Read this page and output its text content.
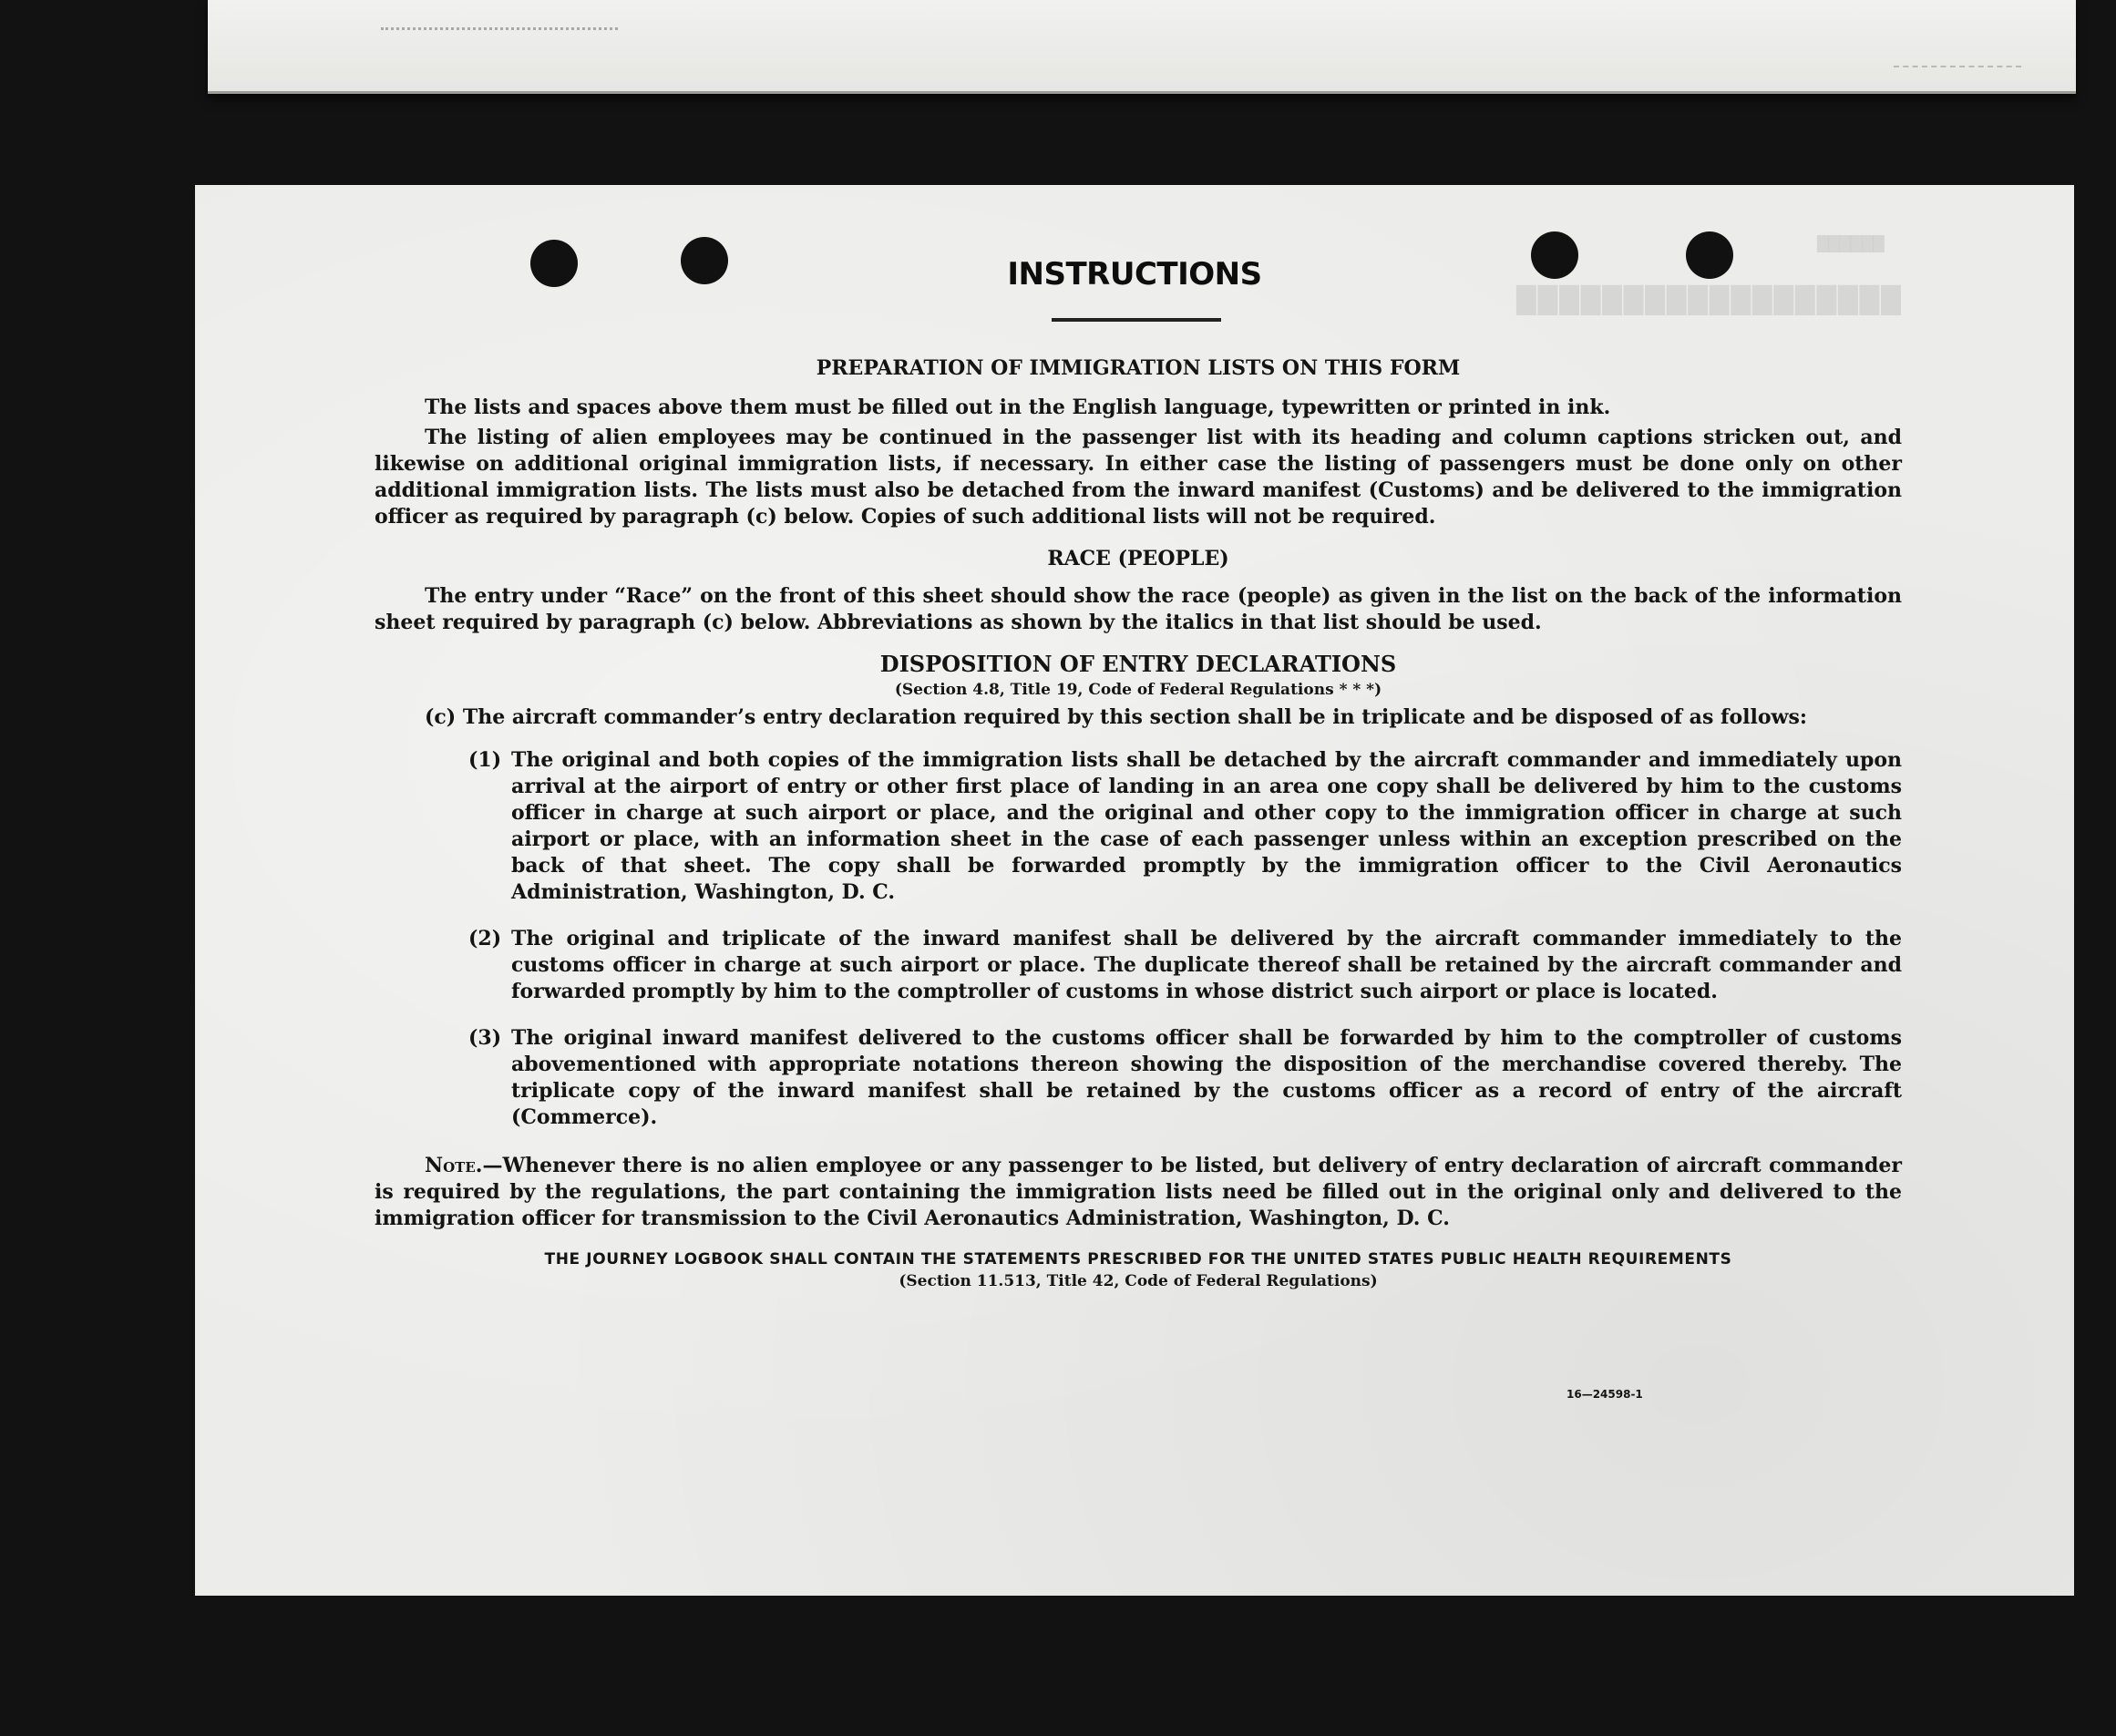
██████████████████
██████
INSTRUCTIONS
PREPARATION OF IMMIGRATION LISTS ON THIS FORM

The lists and spaces above them must be filled out in the English language, typewritten or printed in ink.

The listing of alien employees may be continued in the passenger list with its heading and column captions stricken out, and likewise on additional original immigration lists, if necessary. In either case the listing of passengers must be done only on other additional immigration lists. The lists must also be detached from the inward manifest (Customs) and be delivered to the immigration officer as required by paragraph (c) below. Copies of such additional lists will not be required.

RACE (PEOPLE)

The entry under “Race” on the front of this sheet should show the race (people) as given in the list on the back of the information sheet required by paragraph (c) below. Abbreviations as shown by the italics in that list should be used.

DISPOSITION OF ENTRY DECLARATIONS
(Section 4.8, Title 19, Code of Federal Regulations * * *)
(c) The aircraft commander’s entry declaration required by this section shall be in triplicate and be disposed of as follows:
(1) The original and both copies of the immigration lists shall be detached by the aircraft commander and immediately upon arrival at the airport of entry or other first place of landing in an area one copy shall be delivered by him to the customs officer in charge at such airport or place, and the original and other copy to the immigration officer in charge at such airport or place, with an information sheet in the case of each passenger unless within an exception prescribed on the back of that sheet. The copy shall be forwarded promptly by the immigration officer to the Civil Aeronautics Administration, Washington, D. C.
(2) The original and triplicate of the inward manifest shall be delivered by the aircraft commander immediately to the customs officer in charge at such airport or place. The duplicate thereof shall be retained by the aircraft commander and forwarded promptly by him to the comptroller of customs in whose district such airport or place is located.
(3) The original inward manifest delivered to the customs officer shall be forwarded by him to the comptroller of customs abovementioned with appropriate notations thereon showing the disposition of the merchandise covered thereby. The triplicate copy of the inward manifest shall be retained by the customs officer as a record of entry of the aircraft (Commerce).

Note.—Whenever there is no alien employee or any passenger to be listed, but delivery of entry declaration of aircraft commander is required by the regulations, the part containing the immigration lists need be filled out in the original only and delivered to the immigration officer for transmission to the Civil Aeronautics Administration, Washington, D. C.

THE JOURNEY LOGBOOK SHALL CONTAIN THE STATEMENTS PRESCRIBED FOR THE UNITED STATES PUBLIC HEALTH REQUIREMENTS

(Section 11.513, Title 42, Code of Federal Regulations)

16—24598-1
